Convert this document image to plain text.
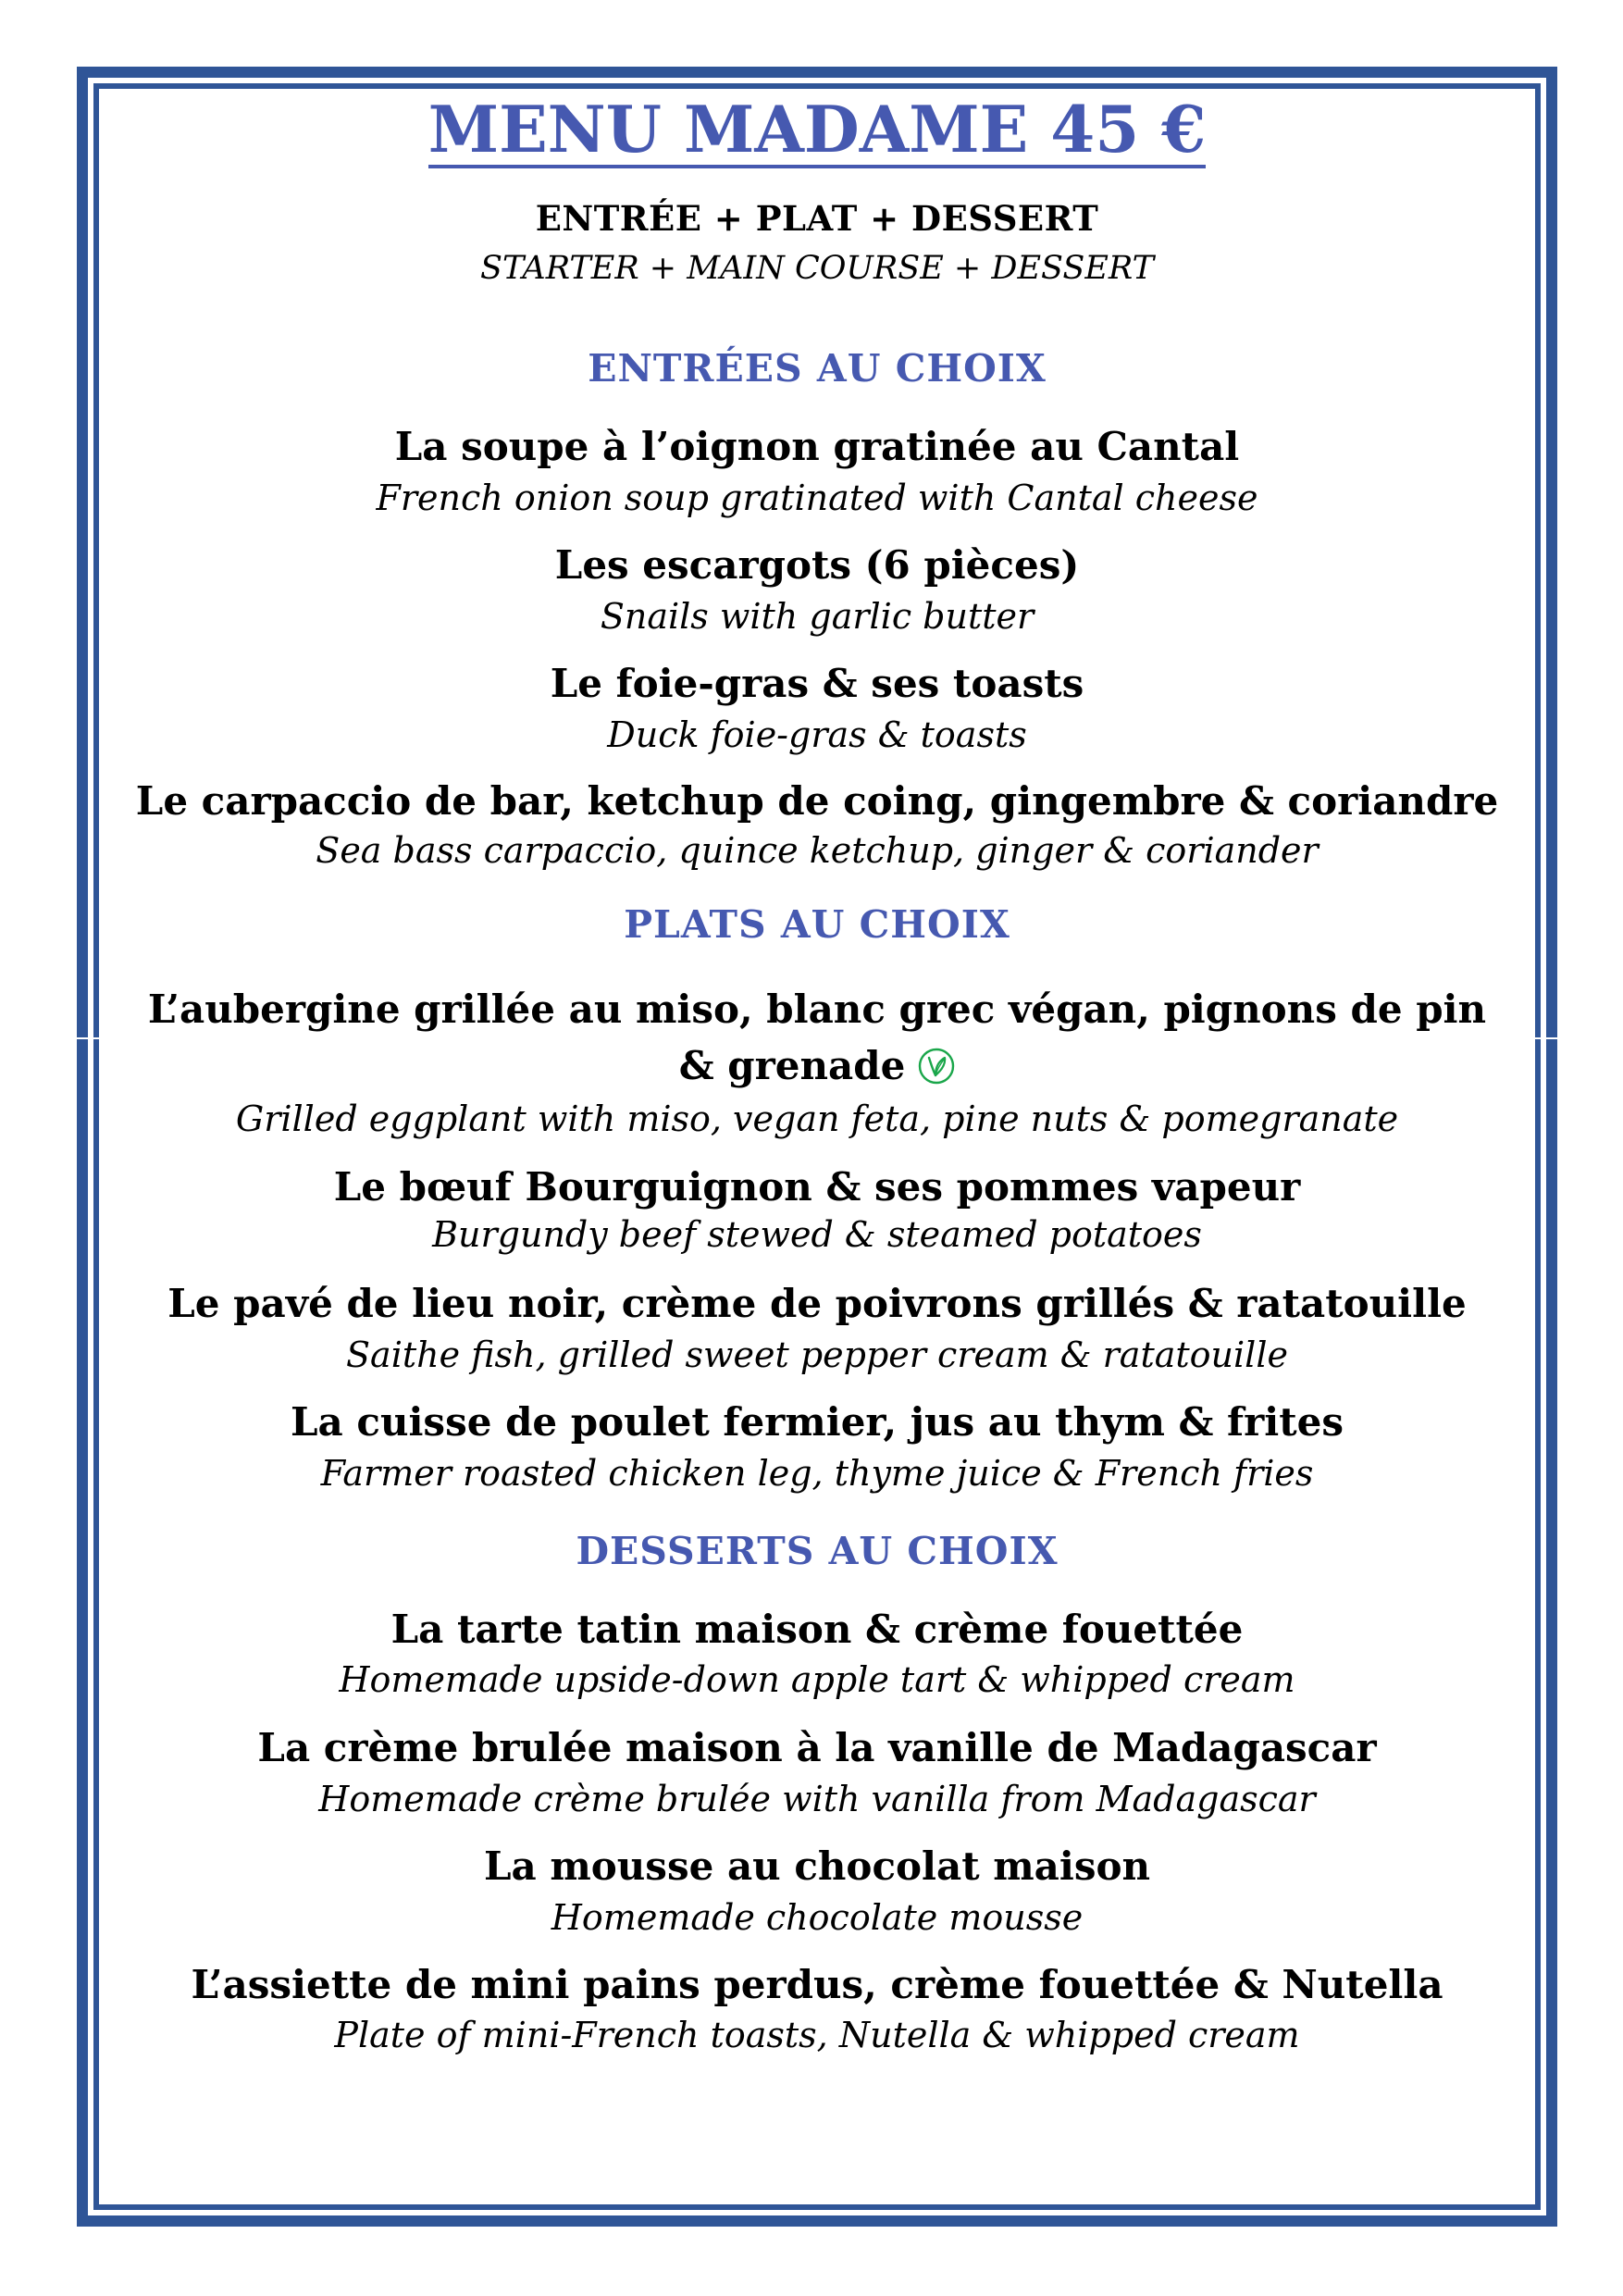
MENU MADAME 45 €
ENTRÉE + PLAT + DESSERT
STARTER + MAIN COURSE + DESSERT
ENTRÉES AU CHOIX
La soupe à l’oignon gratinée au Cantal
French onion soup gratinated with Cantal cheese
Les escargots (6 pièces)
Snails with garlic butter
Le foie-gras & ses toasts
Duck foie-gras & toasts
Le carpaccio de bar, ketchup de coing, gingembre & coriandre
Sea bass carpaccio, quince ketchup, ginger & coriander
PLATS AU CHOIX
L’aubergine grillée au miso, blanc grec végan, pignons de pin
& grenade
Grilled eggplant with miso, vegan feta, pine nuts & pomegranate
Le bœuf Bourguignon & ses pommes vapeur
Burgundy beef stewed & steamed potatoes
Le pavé de lieu noir, crème de poivrons grillés & ratatouille
Saithe fish, grilled sweet pepper cream & ratatouille
La cuisse de poulet fermier, jus au thym & frites
Farmer roasted chicken leg, thyme juice & French fries
DESSERTS AU CHOIX
La tarte tatin maison & crème fouettée
Homemade upside-down apple tart & whipped cream
La crème brulée maison à la vanille de Madagascar
Homemade crème brulée with vanilla from Madagascar
La mousse au chocolat maison
Homemade chocolate mousse
L’assiette de mini pains perdus, crème fouettée & Nutella
Plate of mini-French toasts, Nutella & whipped cream
